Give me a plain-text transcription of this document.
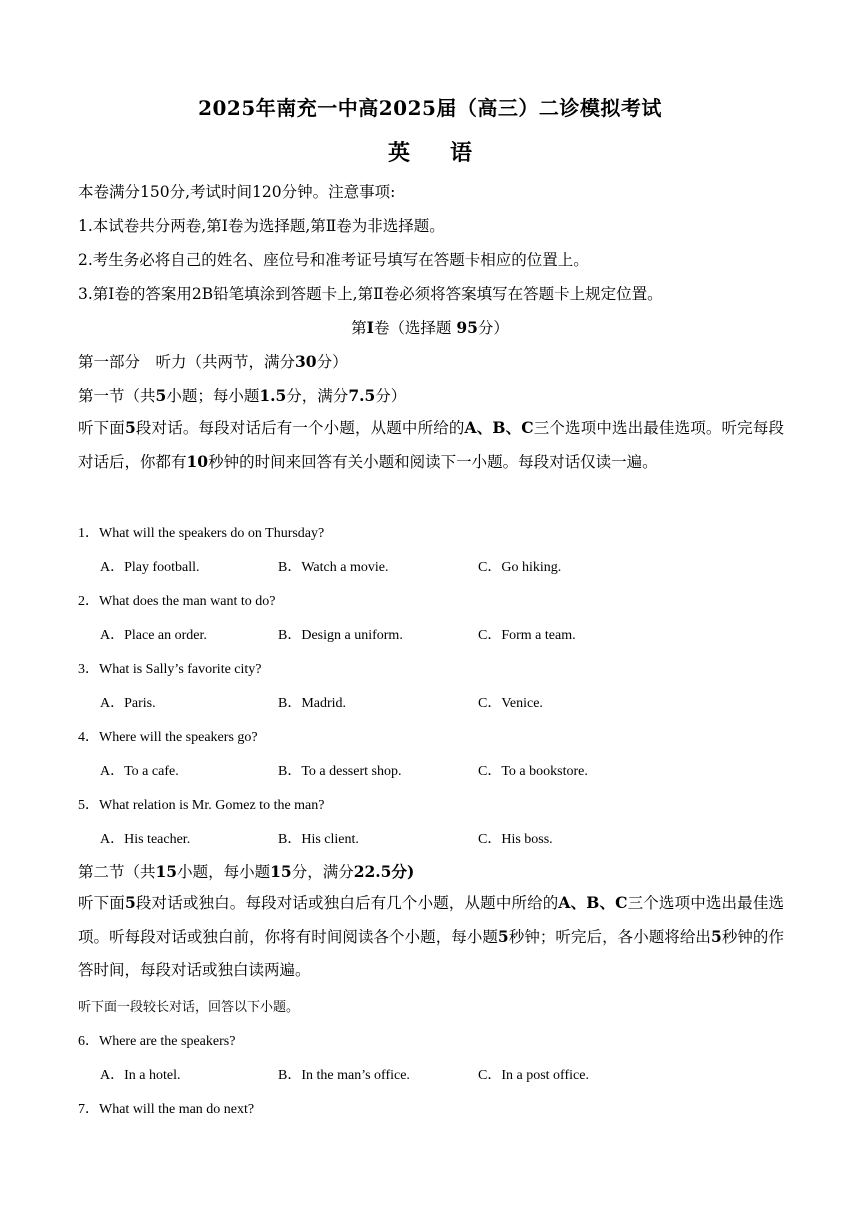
2025年南充一中高2025届（高三）二诊模拟考试
英 语
本卷满分150分,考试时间120分钟。注意事项:
1.本试卷共分两卷,第Ⅰ卷为选择题,第Ⅱ卷为非选择题。
2.考生务必将自己的姓名、座位号和准考证号填写在答题卡相应的位置上。
3.第Ⅰ卷的答案用2B铅笔填涂到答题卡上,第Ⅱ卷必须将答案填写在答题卡上规定位置。
第I卷（选择题 95分）
第一部分　听力（共两节，满分30分）
第一节（共5小题；每小题1.5分，满分7.5分）
听下面5段对话。每段对话后有一个小题，从题中所给的A、B、C三个选项中选出最佳选项。听完每段对话后，你都有10秒钟的时间来回答有关小题和阅读下一小题。每段对话仅读一遍。
1．What will the speakers do on Thursday?
A．Play football.	B．Watch a movie.	C．Go hiking.
2．What does the man want to do?
A．Place an order.	B．Design a uniform.	C．Form a team.
3．What is Sally’s favorite city?
A．Paris.	B．Madrid.	C．Venice.
4．Where will the speakers go?
A．To a cafe.	B．To a dessert shop.	C．To a bookstore.
5．What relation is Mr. Gomez to the man?
A．His teacher.	B．His client.	C．His boss.
第二节（共15小题，每小题15分，满分22.5分)
听下面5段对话或独白。每段对话或独白后有几个小题，从题中所给的A、B、C三个选项中选出最佳选项。听每段对话或独白前，你将有时间阅读各个小题，每小题5秒钟；听完后，各小题将给出5秒钟的作答时间，每段对话或独白读两遍。
听下面一段较长对话，回答以下小题。
6．Where are the speakers?
A．In a hotel.	B．In the man’s office.	C．In a post office.
7．What will the man do next?
